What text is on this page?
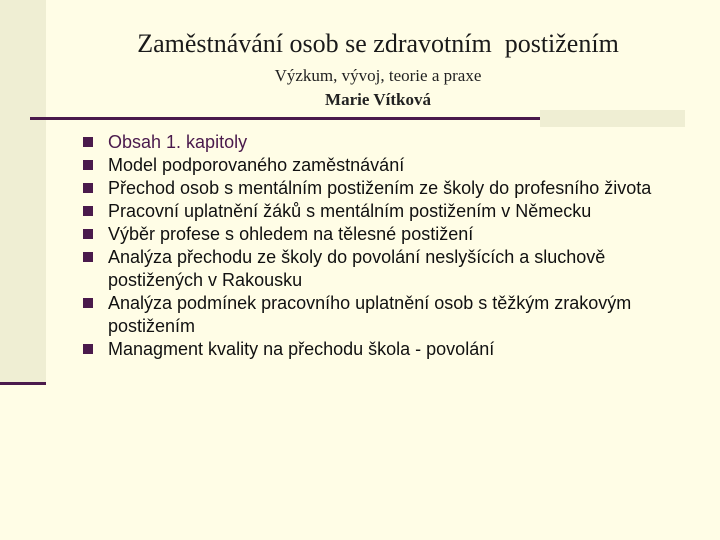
Zaměstnávání osob se zdravotním  postižením
Výzkum, vývoj, teorie a praxe
Marie Vítková
Obsah 1. kapitoly
Model podporovaného zaměstnávání
Přechod osob s mentálním postižením ze školy do profesního života
Pracovní uplatnění žáků s mentálním postižením v Německu
Výběr profese s ohledem na tělesné postižení
Analýza přechodu ze školy do povolání neslyšících a sluchově postižených v Rakousku
Analýza podmínek pracovního uplatnění osob s těžkým zrakovým postižením
Managment kvality na přechodu škola - povolání
